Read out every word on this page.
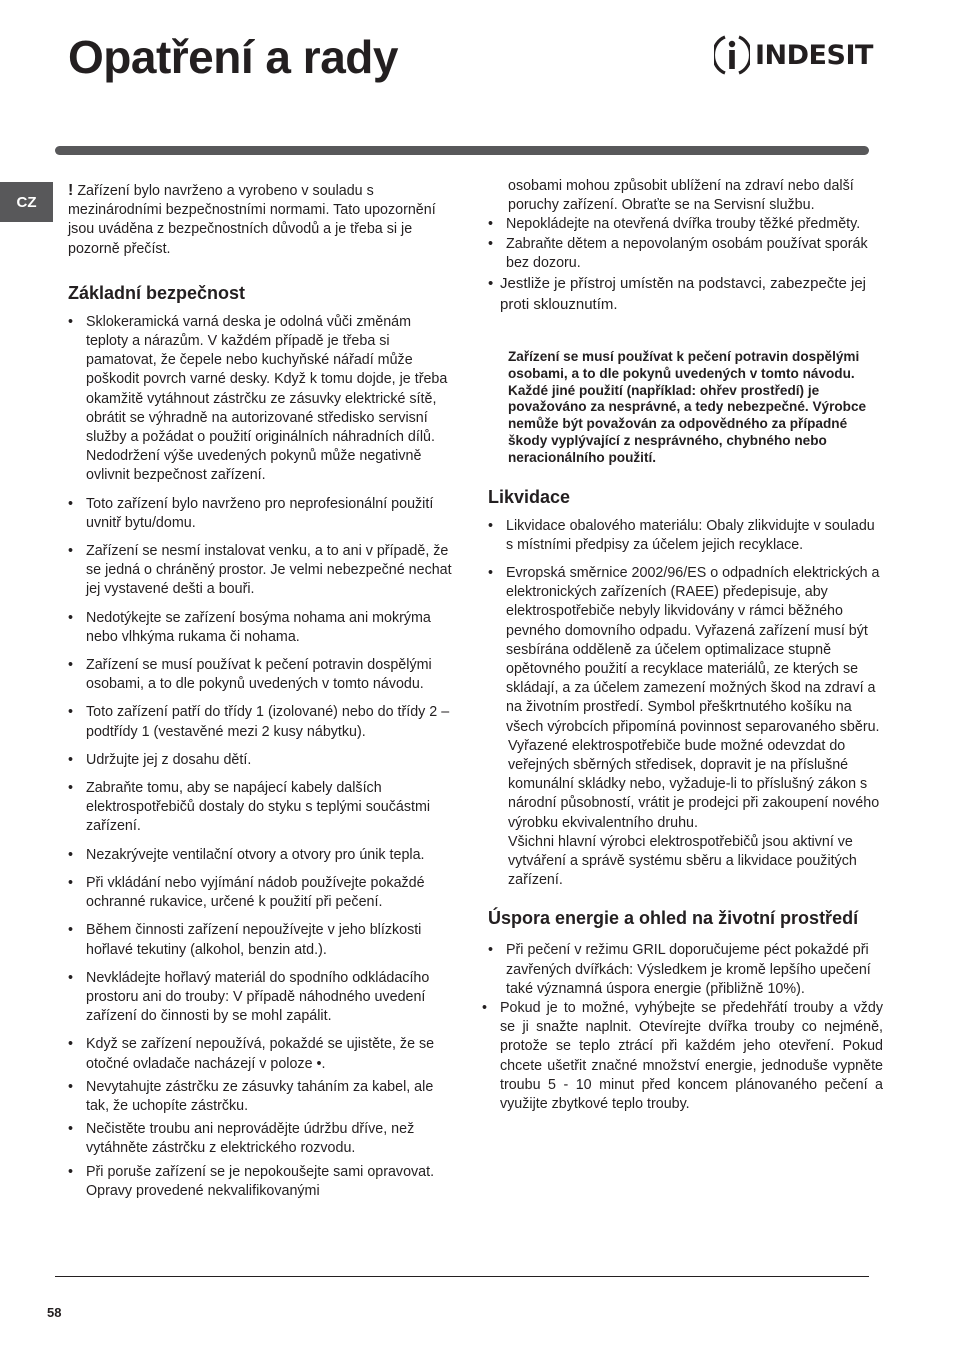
Opatření a rady	INDESIT
CZ

! Zařízení bylo navrženo a vyrobeno v souladu s mezinárodními bezpečnostními normami. Tato upozornění jsou uváděna z bezpečnostních důvodů a je třeba si je pozorně přečíst.

Základní bezpečnost
• Sklokeramická varná deska je odolná vůči změnám teploty a nárazům. V každém případě je třeba si pamatovat, že čepele nebo kuchyňské nářadí může poškodit povrch varné desky. Když k tomu dojde, je třeba okamžitě vytáhnout zástrčku ze zásuvky elektrické sítě, obrátit se výhradně na autorizované středisko servisní služby a požádat o použití originálních náhradních dílů. Nedodržení výše uvedených pokynů může negativně ovlivnit bezpečnost zařízení.
• Toto zařízení bylo navrženo pro neprofesionální použití uvnitř bytu/domu.
• Zařízení se nesmí instalovat venku, a to ani v případě, že se jedná o chráněný prostor. Je velmi nebezpečné nechat jej vystavené dešti a bouři.
• Nedotýkejte se zařízení bosýma nohama ani mokrýma nebo vlhkýma rukama či nohama.
• Zařízení se musí používat k pečení potravin dospělými osobami, a to dle pokynů uvedených v tomto návodu.
• Toto zařízení patří do třídy 1 (izolované) nebo do třídy 2 – podtřídy 1 (vestavěné mezi 2 kusy nábytku).
• Udržujte jej z dosahu dětí.
• Zabraňte tomu, aby se napájecí kabely dalších elektrospotřebičů dostaly do styku s teplými součástmi zařízení.
• Nezakrývejte ventilační otvory a otvory pro únik tepla.
• Při vkládání nebo vyjímání nádob používejte pokaždé ochranné rukavice, určené k použití při pečení.
• Během činnosti zařízení nepoužívejte v jeho blízkosti hořlavé tekutiny (alkohol, benzin atd.).
• Nevkládejte hořlavý materiál do spodního odkládacího prostoru ani do trouby: V případě náhodného uvedení zařízení do činnosti by se mohl zapálit.
• Když se zařízení nepoužívá, pokaždé se ujistěte, že se otočné ovladače nacházejí v poloze •.
• Nevytahujte zástrčku ze zásuvky taháním za kabel, ale tak, že uchopíte zástrčku.
• Nečistěte troubu ani neprovádějte údržbu dříve, než vytáhněte zástrčku z elektrického rozvodu.
• Při poruše zařízení se je nepokoušejte sami opravovat. Opravy provedené nekvalifikovanými

osobami mohou způsobit ublížení na zdraví nebo další poruchy zařízení. Obraťte se na Servisní službu.

• Nepokládejte na otevřená dvířka trouby těžké předměty.
• Zabraňte dětem a nepovolaným osobám používat sporák bez dozoru.
• Jestliže je přístroj umístěn na podstavci, zabezpečte jej proti sklouznutím.

Zařízení se musí používat k pečení potravin dospělými osobami, a to dle pokynů uvedených v tomto návodu. Každé jiné použití (například: ohřev prostředí) je považováno za nesprávné, a tedy nebezpečné. Výrobce nemůže být považován za odpovědného za případné škody vyplývající z nesprávného, chybného nebo neracionálního použití.

Likvidace
• Likvidace obalového materiálu: Obaly zlikvidujte v souladu s místními předpisy za účelem jejich recyklace.
• Evropská směrnice 2002/96/ES o odpadních elektrických a elektronických zařízeních (RAEE) předepisuje, aby elektrospotřebiče nebyly likvidovány v rámci běžného pevného domovního odpadu. Vyřazená zařízení musí být sesbírána odděleně za účelem optimalizace stupně opětovného použití a recyklace materiálů, ze kterých se skládají, a za účelem zamezení možných škod na zdraví a na životním prostředí. Symbol přeškrtnutého košíku na všech výrobcích připomíná povinnost separovaného sběru.

Vyřazené elektrospotřebiče bude možné odevzdat do veřejných sběrných středisek, dopravit je na příslušné komunální skládky nebo, vyžaduje-li to příslušný zákon s národní působností, vrátit je prodejci při zakoupení nového výrobku ekvivalentního druhu.

Všichni hlavní výrobci elektrospotřebičů jsou aktivní ve vytváření a správě systému sběru a likvidace použitých zařízení.

Úspora energie a ohled na životní prostředí
• Při pečení v režimu GRIL doporučujeme péct pokaždé při zavřených dvířkách: Výsledkem je kromě lepšího upečení také významná úspora energie (přibližně 10%).
• Pokud je to možné, vyhýbejte se předehřátí trouby a vždy se ji snažte naplnit. Otevírejte dvířka trouby co nejméně, protože se teplo ztrácí při každém jeho otevření. Pokud chcete ušetřit značné množství energie, jednoduše vypněte troubu 5 - 10 minut před koncem plánovaného pečení a využijte zbytkové teplo trouby.
58
